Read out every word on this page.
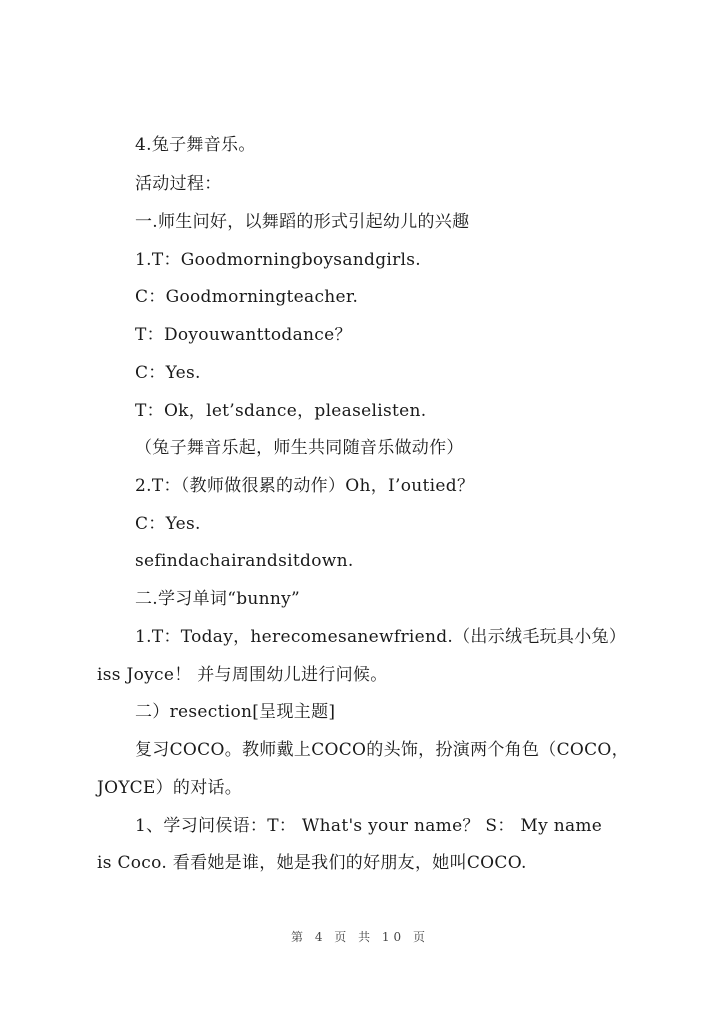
4.兔子舞音乐。
活动过程：
一.师生问好，以舞蹈的形式引起幼儿的兴趣
1.T：Goodmorningboysandgirls.
C：Goodmorningteacher.
T：Doyouwanttodance？
C：Yes.
T：Ok，let’sdance，pleaselisten.
（兔子舞音乐起，师生共同随音乐做动作）
2.T：（教师做很累的动作）Oh，I’outied？
C：Yes.
sefindachairandsitdown.
二.学习单词“bunny”
1.T：Today，herecomesanewfriend.（出示绒毛玩具小兔）
iss Joyce！ 并与周围幼儿进行问候。
二）resection[呈现主题]
复习COCO。教师戴上COCO的头饰，扮演两个角色（COCO，
JOYCE）的对话。
1、学习问侯语：T： What's your name？ S： My name
is Coco. 看看她是谁，她是我们的好朋友，她叫COCO.
第 4 页 共 10 页
